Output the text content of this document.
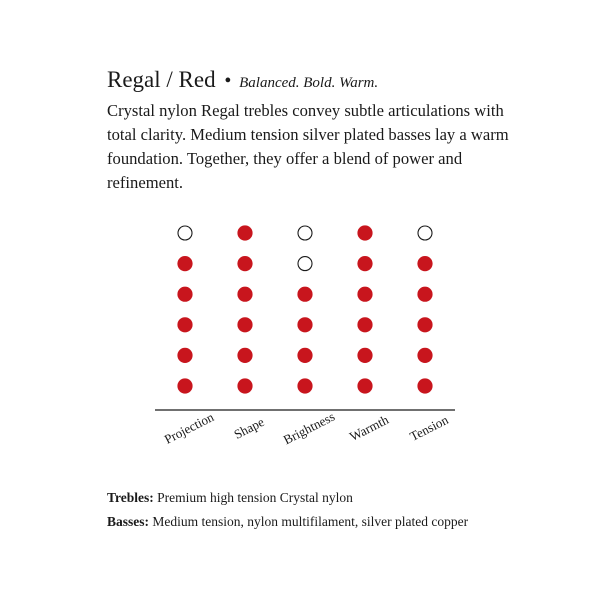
Regal / Red • Balanced. Bold. Warm.
Crystal nylon Regal trebles convey subtle articulations with total clarity. Medium tension silver plated basses lay a warm foundation. Together, they offer a blend of power and refinement.
Projection Shape Brightness Warmth Tension
Trebles: Premium high tension Crystal nylon
Basses: Medium tension, nylon multifilament, silver plated copper
